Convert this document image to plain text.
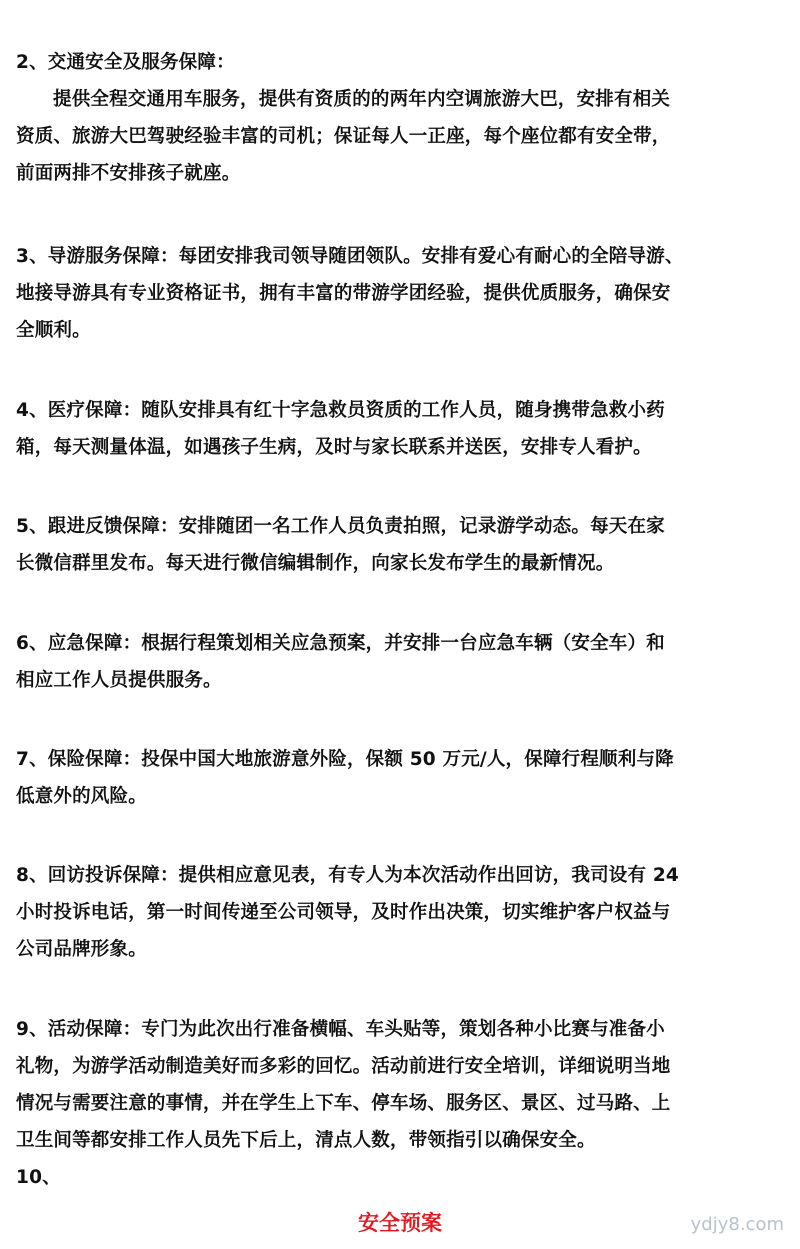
2、交通安全及服务保障：
提供全程交通用车服务，提供有资质的的两年内空调旅游大巴，安排有相关
资质、旅游大巴驾驶经验丰富的司机；保证每人一正座，每个座位都有安全带，
前面两排不安排孩子就座。
3、导游服务保障：每团安排我司领导随团领队。安排有爱心有耐心的全陪导游、
地接导游具有专业资格证书，拥有丰富的带游学团经验，提供优质服务，确保安
全顺利。
4、医疗保障：随队安排具有红十字急救员资质的工作人员，随身携带急救小药
箱，每天测量体温，如遇孩子生病，及时与家长联系并送医，安排专人看护。
5、跟进反馈保障：安排随团一名工作人员负责拍照，记录游学动态。每天在家
长微信群里发布。每天进行微信编辑制作，向家长发布学生的最新情况。
6、应急保障：根据行程策划相关应急预案，并安排一台应急车辆（安全车）和
相应工作人员提供服务。
7、保险保障：投保中国大地旅游意外险，保额 50 万元/人，保障行程顺利与降
低意外的风险。
8、回访投诉保障：提供相应意见表，有专人为本次活动作出回访，我司设有 24
小时投诉电话，第一时间传递至公司领导，及时作出决策，切实维护客户权益与
公司品牌形象。
9、活动保障：专门为此次出行准备横幅、车头贴等，策划各种小比赛与准备小
礼物，为游学活动制造美好而多彩的回忆。活动前进行安全培训，详细说明当地
情况与需要注意的事情，并在学生上下车、停车场、服务区、景区、过马路、上
卫生间等都安排工作人员先下后上，清点人数，带领指引以确保安全。
10、
安全预案	ydjy8.com
